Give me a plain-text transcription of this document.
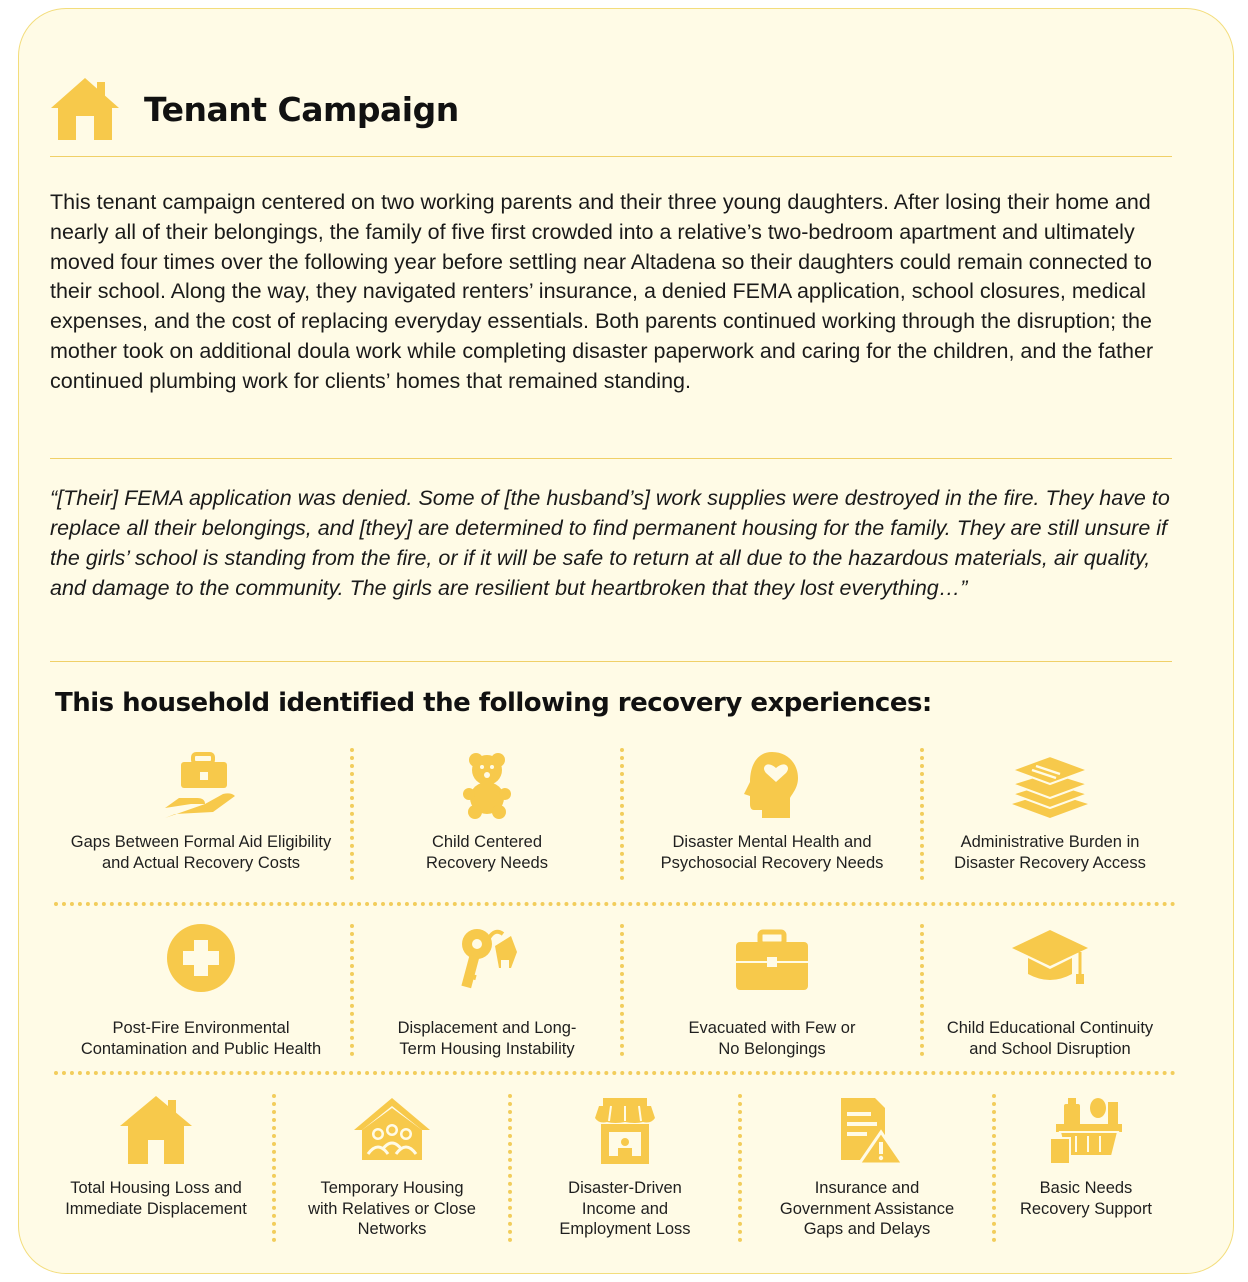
Tenant Campaign

This tenant campaign centered on two working parents and their three young daughters. After losing their home and nearly all of their belongings, the family of five first crowded into a relative’s two-bedroom apartment and ultimately moved four times over the following year before settling near Altadena so their daughters could remain connected to their school. Along the way, they navigated renters’ insurance, a denied FEMA application, school closures, medical expenses, and the cost of replacing everyday essentials. Both parents continued working through the disruption; the mother took on additional doula work while completing disaster paperwork and caring for the children, and the father continued plumbing work for clients’ homes that remained standing.

“[Their] FEMA application was denied. Some of [the husband’s] work supplies were destroyed in the fire. They have to replace all their belongings, and [they] are determined to find permanent housing for the family. They are still unsure if the girls’ school is standing from the fire, or if it will be safe to return at all due to the hazardous materials, air quality, and damage to the community. The girls are resilient but heartbroken that they lost everything…”

This household identified the following recovery experiences:
Gaps Between Formal Aid Eligibility
and Actual Recovery Costs
Child Centered
Recovery Needs
Disaster Mental Health and
Psychosocial Recovery Needs
Administrative Burden in
Disaster Recovery Access
Post-Fire Environmental
Contamination and Public Health
Displacement and Long-
Term Housing Instability
Evacuated with Few or
No Belongings
Child Educational Continuity
and School Disruption
Total Housing Loss and
Immediate Displacement
Temporary Housing
with Relatives or Close
Networks
Disaster-Driven
Income and
Employment Loss
Insurance and
Government Assistance
Gaps and Delays
Basic Needs
Recovery Support
